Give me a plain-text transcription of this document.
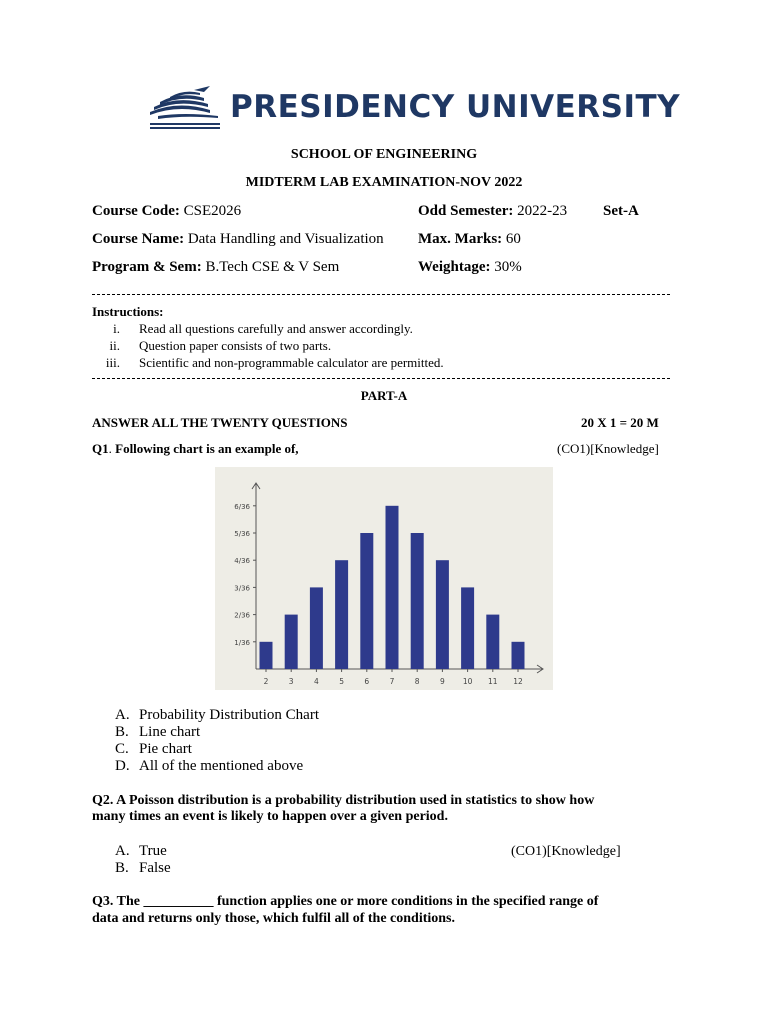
PRESIDENCY UNIVERSITY
SCHOOL OF ENGINEERING
MIDTERM LAB EXAMINATION-NOV 2022
Course Code: CSE2026	Odd Semester: 2022-23 Set-A
Course Name: Data Handling and Visualization Max. Marks: 60
Program & Sem: B.Tech CSE & V Sem	Weightage: 30%
Instructions:
i. Read all questions carefully and answer accordingly.
ii. Question paper consists of two parts.
iii. Scientific and non-programmable calculator are permitted.
PART-A
ANSWER ALL THE TWENTY QUESTIONS	20 X 1 = 20 M
Q1. Following chart is an example of,	(CO1)[Knowledge]
1/36
2/36
3/36
4/36
5/36
6/36
2	3	4	5	6	7	8	9 10 11 12
A. Probability Distribution Chart
B. Line chart
C. Pie chart
D. All of the mentioned above
Q2. A Poisson distribution is a probability distribution used in statistics to show how
many times an event is likely to happen over a given period.
A. True	(CO1)[Knowledge]
B. False
Q3. The __________ function applies one or more conditions in the specified range of
data and returns only those, which fulfil all of the conditions.
